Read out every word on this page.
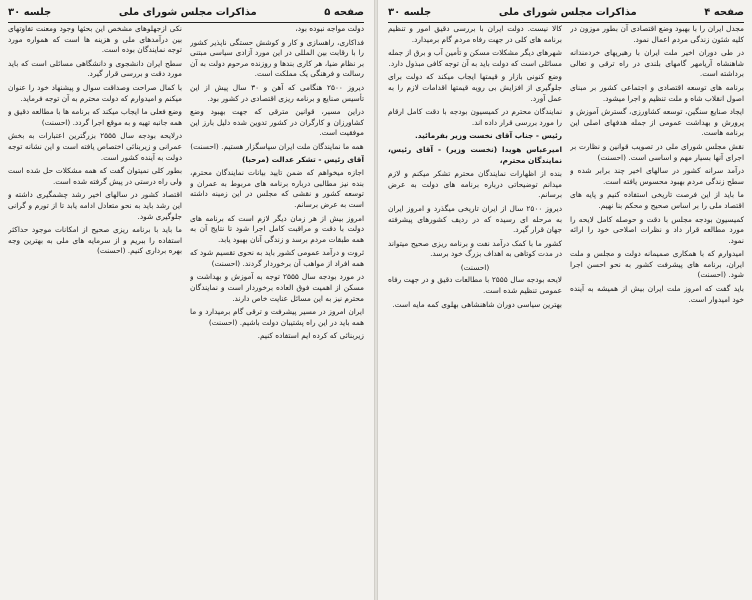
صفحه ۵
مذاکرات مجلس شورای ملی
جلسه ۳۰

دولت مواجه نبوده بود،

فداکاری، راهسازی و کار و کوشش حستگی ناپذیر کشور را با رقابت بین المللی در این مورد آزادی سیاسی مبتنی بر نظام ضیا، هر کاری بندها و روزنده مرحوم دولت به آن رسالت و فرهنگی یک مملکت است.

دیروز ۲۵۰۰ هنگامی که آهن و ۳۰ سال پیش از این تأسیس صنایع و برنامه ریزی اقتصادی در کشور بود.

دراین مسیر، قوانین مترقی که جهت بهبود وضع کشاورزان و کارگران در کشور تدوین شده دلیل بارز این موفقیت است.

همه ما نمایندگان ملت ایران سپاسگزار هستیم. (احسنت)

آقای رئیس - تشکر عدالت (مرحبا)

اجازه میخواهم که ضمن تایید بیانات نمایندگان محترم، بنده نیز مطالبی درباره برنامه های مربوط به عمران و توسعه کشور و نقشی که مجلس در این زمینه داشته است به عرض برسانم.

امروز بیش از هر زمان دیگر لازم است که برنامه های دولت با دقت و مراقبت کامل اجرا شود تا نتایج آن به همه طبقات مردم برسد و زندگی آنان بهبود یابد.

ثروت و درآمد عمومی کشور باید به نحوی تقسیم شود که همه افراد از مواهب آن برخوردار گردند. (احسنت)

در مورد بودجه سال ۲۵۵۵ توجه به آموزش و بهداشت و مسکن از اهمیت فوق العاده برخوردار است و نمایندگان محترم نیز به این مسائل عنایت خاص دارند.

ایران امروز در مسیر پیشرفت و ترقی گام برمیدارد و ما همه باید در این راه پشتیبان دولت باشیم. (احسنت)

زیربنائی که کرده ایم استفاده کنیم.

نکی ازجهلوهای مشخص این بحثها وجود ومعنت تفاوتهای بین درآمدهای ملی و هزینه ها است که همواره مورد توجه نمایندگان بوده است.

سطح ایران دانشجوی و دانشگاهی مسائلی است که باید مورد دقت و بررسی قرار گیرد.

با کمال صراحت وصداقت سوال و پیشنهاد خود را عنوان میکنم و امیدوارم که دولت محترم به آن توجه فرماید.

وضع فعلی ما ایجاب میکند که برنامه ها با مطالعه دقیق و همه جانبه تهیه و به موقع اجرا گردد. (احسنت)

درلایحه بودجه سال ۲۵۵۵ بزرگترین اعتبارات به بخش عمرانی و زیربنائی اختصاص یافته است و این نشانه توجه دولت به آینده کشور است.

بطور کلی نمیتوان گفت که همه مشکلات حل شده است ولی راه درستی در پیش گرفته شده است.

اقتصاد کشور در سالهای اخیر رشد چشمگیری داشته و این رشد باید به نحو متعادل ادامه یابد تا از تورم و گرانی جلوگیری شود.

ما باید با برنامه ریزی صحیح از امکانات موجود حداکثر استفاده را ببریم و از سرمایه های ملی به بهترین وجه بهره برداری کنیم. (احسنت)

صفحه ۴
مذاکرات مجلس شورای ملی
جلسه ۳۰

مجدل ایران را با بهبود وضع اقتصادی آن بطور موزون در کلیه شئون زندگی مردم اعمال نمود.

در طی دوران اخیر ملت ایران با رهبریهای خردمندانه شاهنشاه آریامهر گامهای بلندی در راه ترقی و تعالی برداشته است.

برنامه های توسعه اقتصادی و اجتماعی کشور بر مبنای اصول انقلاب شاه و ملت تنظیم و اجرا میشود.

ایجاد صنایع سنگین، توسعه کشاورزی، گسترش آموزش و پرورش و بهداشت عمومی از جمله هدفهای اصلی این برنامه هاست.

نقش مجلس شورای ملی در تصویب قوانین و نظارت بر اجرای آنها بسیار مهم و اساسی است. (احسنت)

درآمد سرانه کشور در سالهای اخیر چند برابر شده و سطح زندگی مردم بهبود محسوس یافته است.

ما باید از این فرصت تاریخی استفاده کنیم و پایه های اقتصاد ملی را بر اساس صحیح و محکم بنا نهیم.

کمیسیون بودجه مجلس با دقت و حوصله کامل لایحه را مورد مطالعه قرار داد و نظرات اصلاحی خود را ارائه نمود.

امیدوارم که با همکاری صمیمانه دولت و مجلس و ملت ایران، برنامه های پیشرفت کشور به نحو احسن اجرا شود. (احسنت)

باید گفت که امروز ملت ایران بیش از همیشه به آینده خود امیدوار است.

کالا نیست. دولت ایران با بررسی دقیق امور و تنظیم برنامه های کلی در جهت رفاه مردم گام برمیدارد.

شهرهای دیگر مشکلات مسکن و تأمین آب و برق از جمله مسائلی است که دولت باید به آن توجه کافی مبذول دارد.

وضع کنونی بازار و قیمتها ایجاب میکند که دولت برای جلوگیری از افزایش بی رویه قیمتها اقدامات لازم را به عمل آورد.

نمایندگان محترم در کمیسیون بودجه با دقت کامل ارقام را مورد بررسی قرار داده اند.

رئیس - جناب آقای نخست وزیر بفرمائید.

امیرعباس هویدا (نخست وزیر) - آقای رئیس، نمایندگان محترم،

بنده از اظهارات نمایندگان محترم تشکر میکنم و لازم میدانم توضیحاتی درباره برنامه های دولت به عرض برسانم.

دیروز ۲۵۰۰ سال از ایران تاریخی میگذرد و امروز ایران به مرحله ای رسیده که در ردیف کشورهای پیشرفته جهان قرار گیرد.

کشور ما با کمک درآمد نفت و برنامه ریزی صحیح میتواند در مدت کوتاهی به اهداف بزرگ خود برسد.

(احسنت)

لایحه بودجه سال ۲۵۵۵ با مطالعات دقیق و در جهت رفاه عمومی تنظیم شده است.

بهترین سیاسی دوران شاهنشاهی بهلوی کمه مایه است.
